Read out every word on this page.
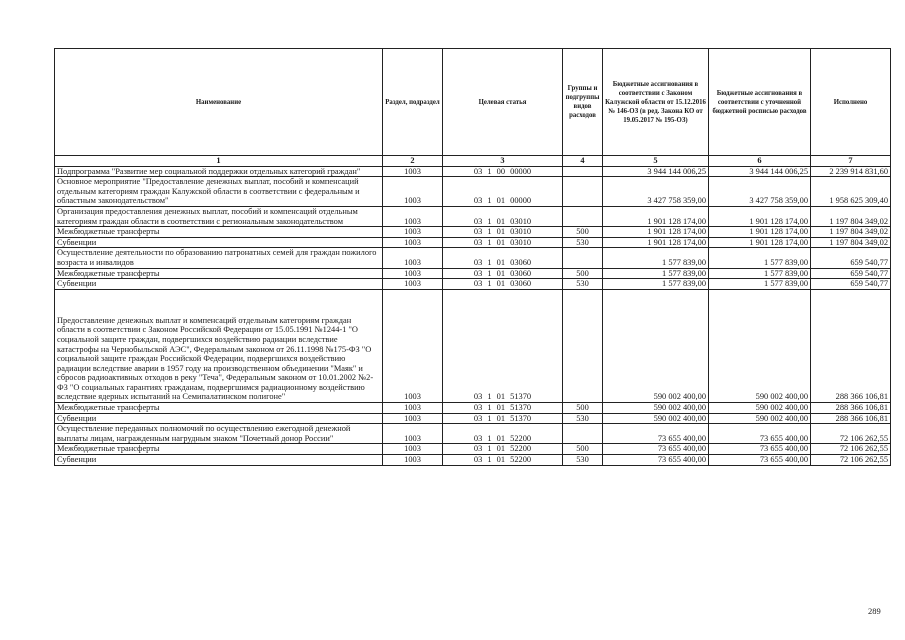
Наименование	Раздел, подраздел	Целевая статья	Группы и подгруппы видов расходов	Бюджетные ассигнования в соответствии с Законом Калужской области от 15.12.2016 № 146-ОЗ (в ред. Закона КО от 19.05.2017 № 195-ОЗ)	Бюджетные ассигнования в соответствии с уточненной бюджетной росписью расходов	Исполнено
1	2	3	4	5	6	7
Подпрограмма "Развитие мер социальной поддержки отдельных категорий граждан"	1003	03 1 00 00000		3 944 144 006,25	3 944 144 006,25	2 239 914 831,60
Основное мероприятие "Предоставление денежных выплат, пособий и компенсаций отдельным категориям граждан Калужской области в соответствии с федеральным и областным законодательством"	1003	03 1 01 00000		3 427 758 359,00	3 427 758 359,00	1 958 625 309,40
Организация предоставления денежных выплат, пособий и компенсаций отдельным категориям граждан области в соответствии с региональным законодательством	1003	03 1 01 03010		1 901 128 174,00	1 901 128 174,00	1 197 804 349,02
Межбюджетные трансферты	1003	03 1 01 03010	500	1 901 128 174,00	1 901 128 174,00	1 197 804 349,02
Субвенции	1003	03 1 01 03010	530	1 901 128 174,00	1 901 128 174,00	1 197 804 349,02
Осуществление деятельности по образованию патронатных семей для граждан пожилого возраста и инвалидов	1003	03 1 01 03060		1 577 839,00	1 577 839,00	659 540,77
Межбюджетные трансферты	1003	03 1 01 03060	500	1 577 839,00	1 577 839,00	659 540,77
Субвенции	1003	03 1 01 03060	530	1 577 839,00	1 577 839,00	659 540,77
Предоставление денежных выплат и компенсаций отдельным категориям граждан области в соответствии с Законом Российской Федерации от 15.05.1991 №1244-1 "О социальной защите граждан, подвергшихся воздействию радиации вследствие катастрофы на Чернобыльской АЭС", Федеральным законом от 26.11.1998 №175-ФЗ "О социальной защите граждан Российской Федерации, подвергшихся воздействию радиации вследствие аварии в 1957 году на производственном объединении "Маяк" и сбросов радиоактивных отходов в реку "Теча", Федеральным законом от 10.01.2002 №2-ФЗ "О социальных гарантиях гражданам, подвергшимся радиационному воздействию вследствие ядерных испытаний на Семипалатинском полигоне"	1003	03 1 01 51370		590 002 400,00	590 002 400,00	288 366 106,81
Межбюджетные трансферты	1003	03 1 01 51370	500	590 002 400,00	590 002 400,00	288 366 106,81
Субвенции	1003	03 1 01 51370	530	590 002 400,00	590 002 400,00	288 366 106,81
Осуществление переданных полномочий по осуществлению ежегодной денежной выплаты лицам, награжденным нагрудным знаком "Почетный донор России"	1003	03 1 01 52200		73 655 400,00	73 655 400,00	72 106 262,55
Межбюджетные трансферты	1003	03 1 01 52200	500	73 655 400,00	73 655 400,00	72 106 262,55
Субвенции	1003	03 1 01 52200	530	73 655 400,00	73 655 400,00	72 106 262,55
289
